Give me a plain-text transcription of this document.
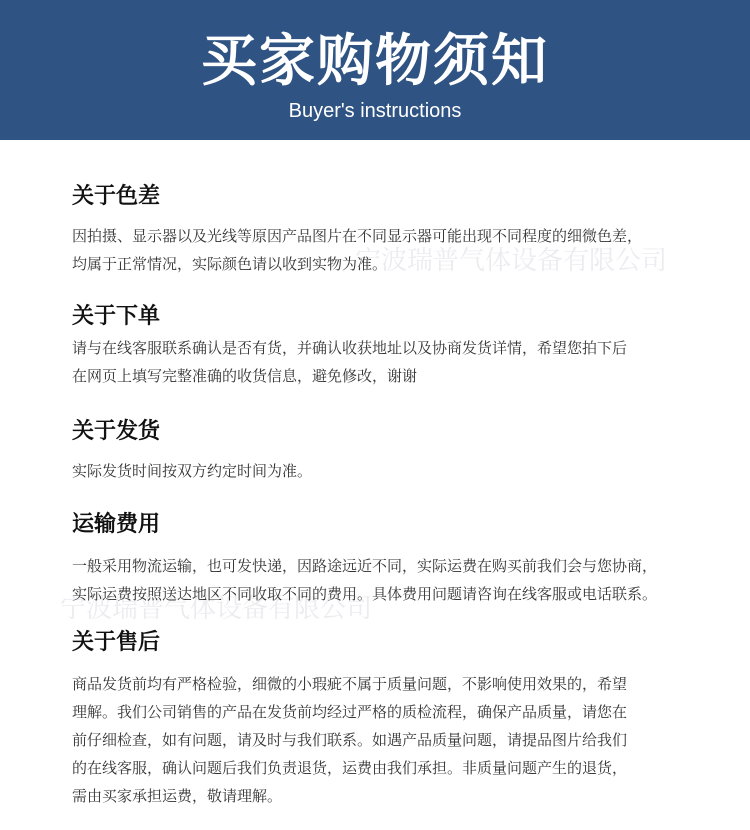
买家购物须知
Buyer's instructions
宁波瑞普气体设备有限公司
宁波瑞普气体设备有限公司
关于色差
因拍摄、显示器以及光线等原因产品图片在不同显示器可能出现不同程度的细微色差，
均属于正常情况，实际颜色请以收到实物为准。
关于下单
请与在线客服联系确认是否有货，并确认收获地址以及协商发货详情，希望您拍下后
在网页上填写完整准确的收货信息，避免修改，谢谢
关于发货
实际发货时间按双方约定时间为准。
运输费用
一般采用物流运输，也可发快递，因路途远近不同，实际运费在购买前我们会与您协商，
实际运费按照送达地区不同收取不同的费用。具体费用问题请咨询在线客服或电话联系。
关于售后
商品发货前均有严格检验，细微的小瑕疵不属于质量问题，不影响使用效果的，希望
理解。我们公司销售的产品在发货前均经过严格的质检流程，确保产品质量，请您在
前仔细检查，如有问题，请及时与我们联系。如遇产品质量问题，请提品图片给我们
的在线客服，确认问题后我们负责退货，运费由我们承担。非质量问题产生的退货，
需由买家承担运费，敬请理解。
